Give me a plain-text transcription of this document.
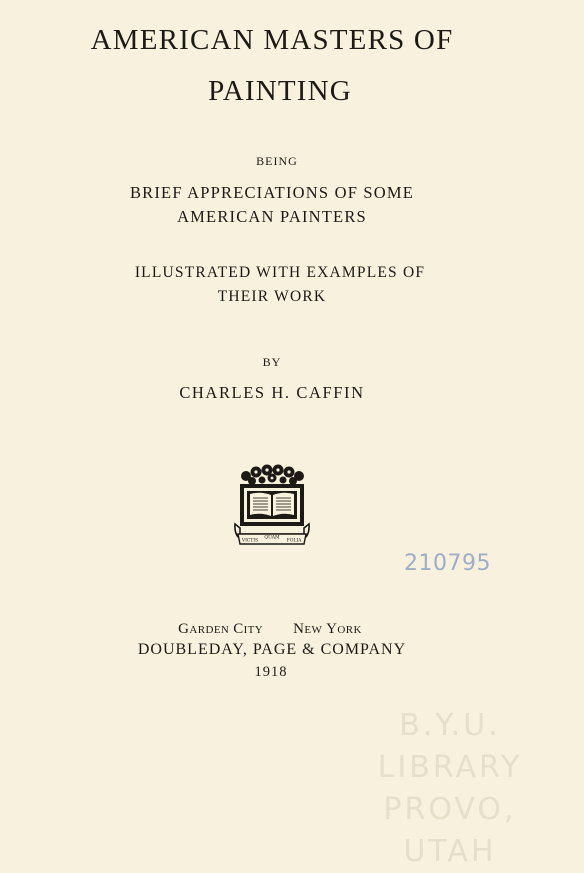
AMERICAN MASTERS OF
PAINTING
BEING
BRIEF APPRECIATIONS OF SOME
AMERICAN PAINTERS
ILLUSTRATED WITH EXAMPLES OF
THEIR WORK
BY
CHARLES H. CAFFIN
VICTIS
QUAM
FOLIA
210795
GARDEN CITY NEW YORK
DOUBLEDAY, PAGE & COMPANY
1918
B.Y.U.
LIBRARY
PROVO, UTAH
